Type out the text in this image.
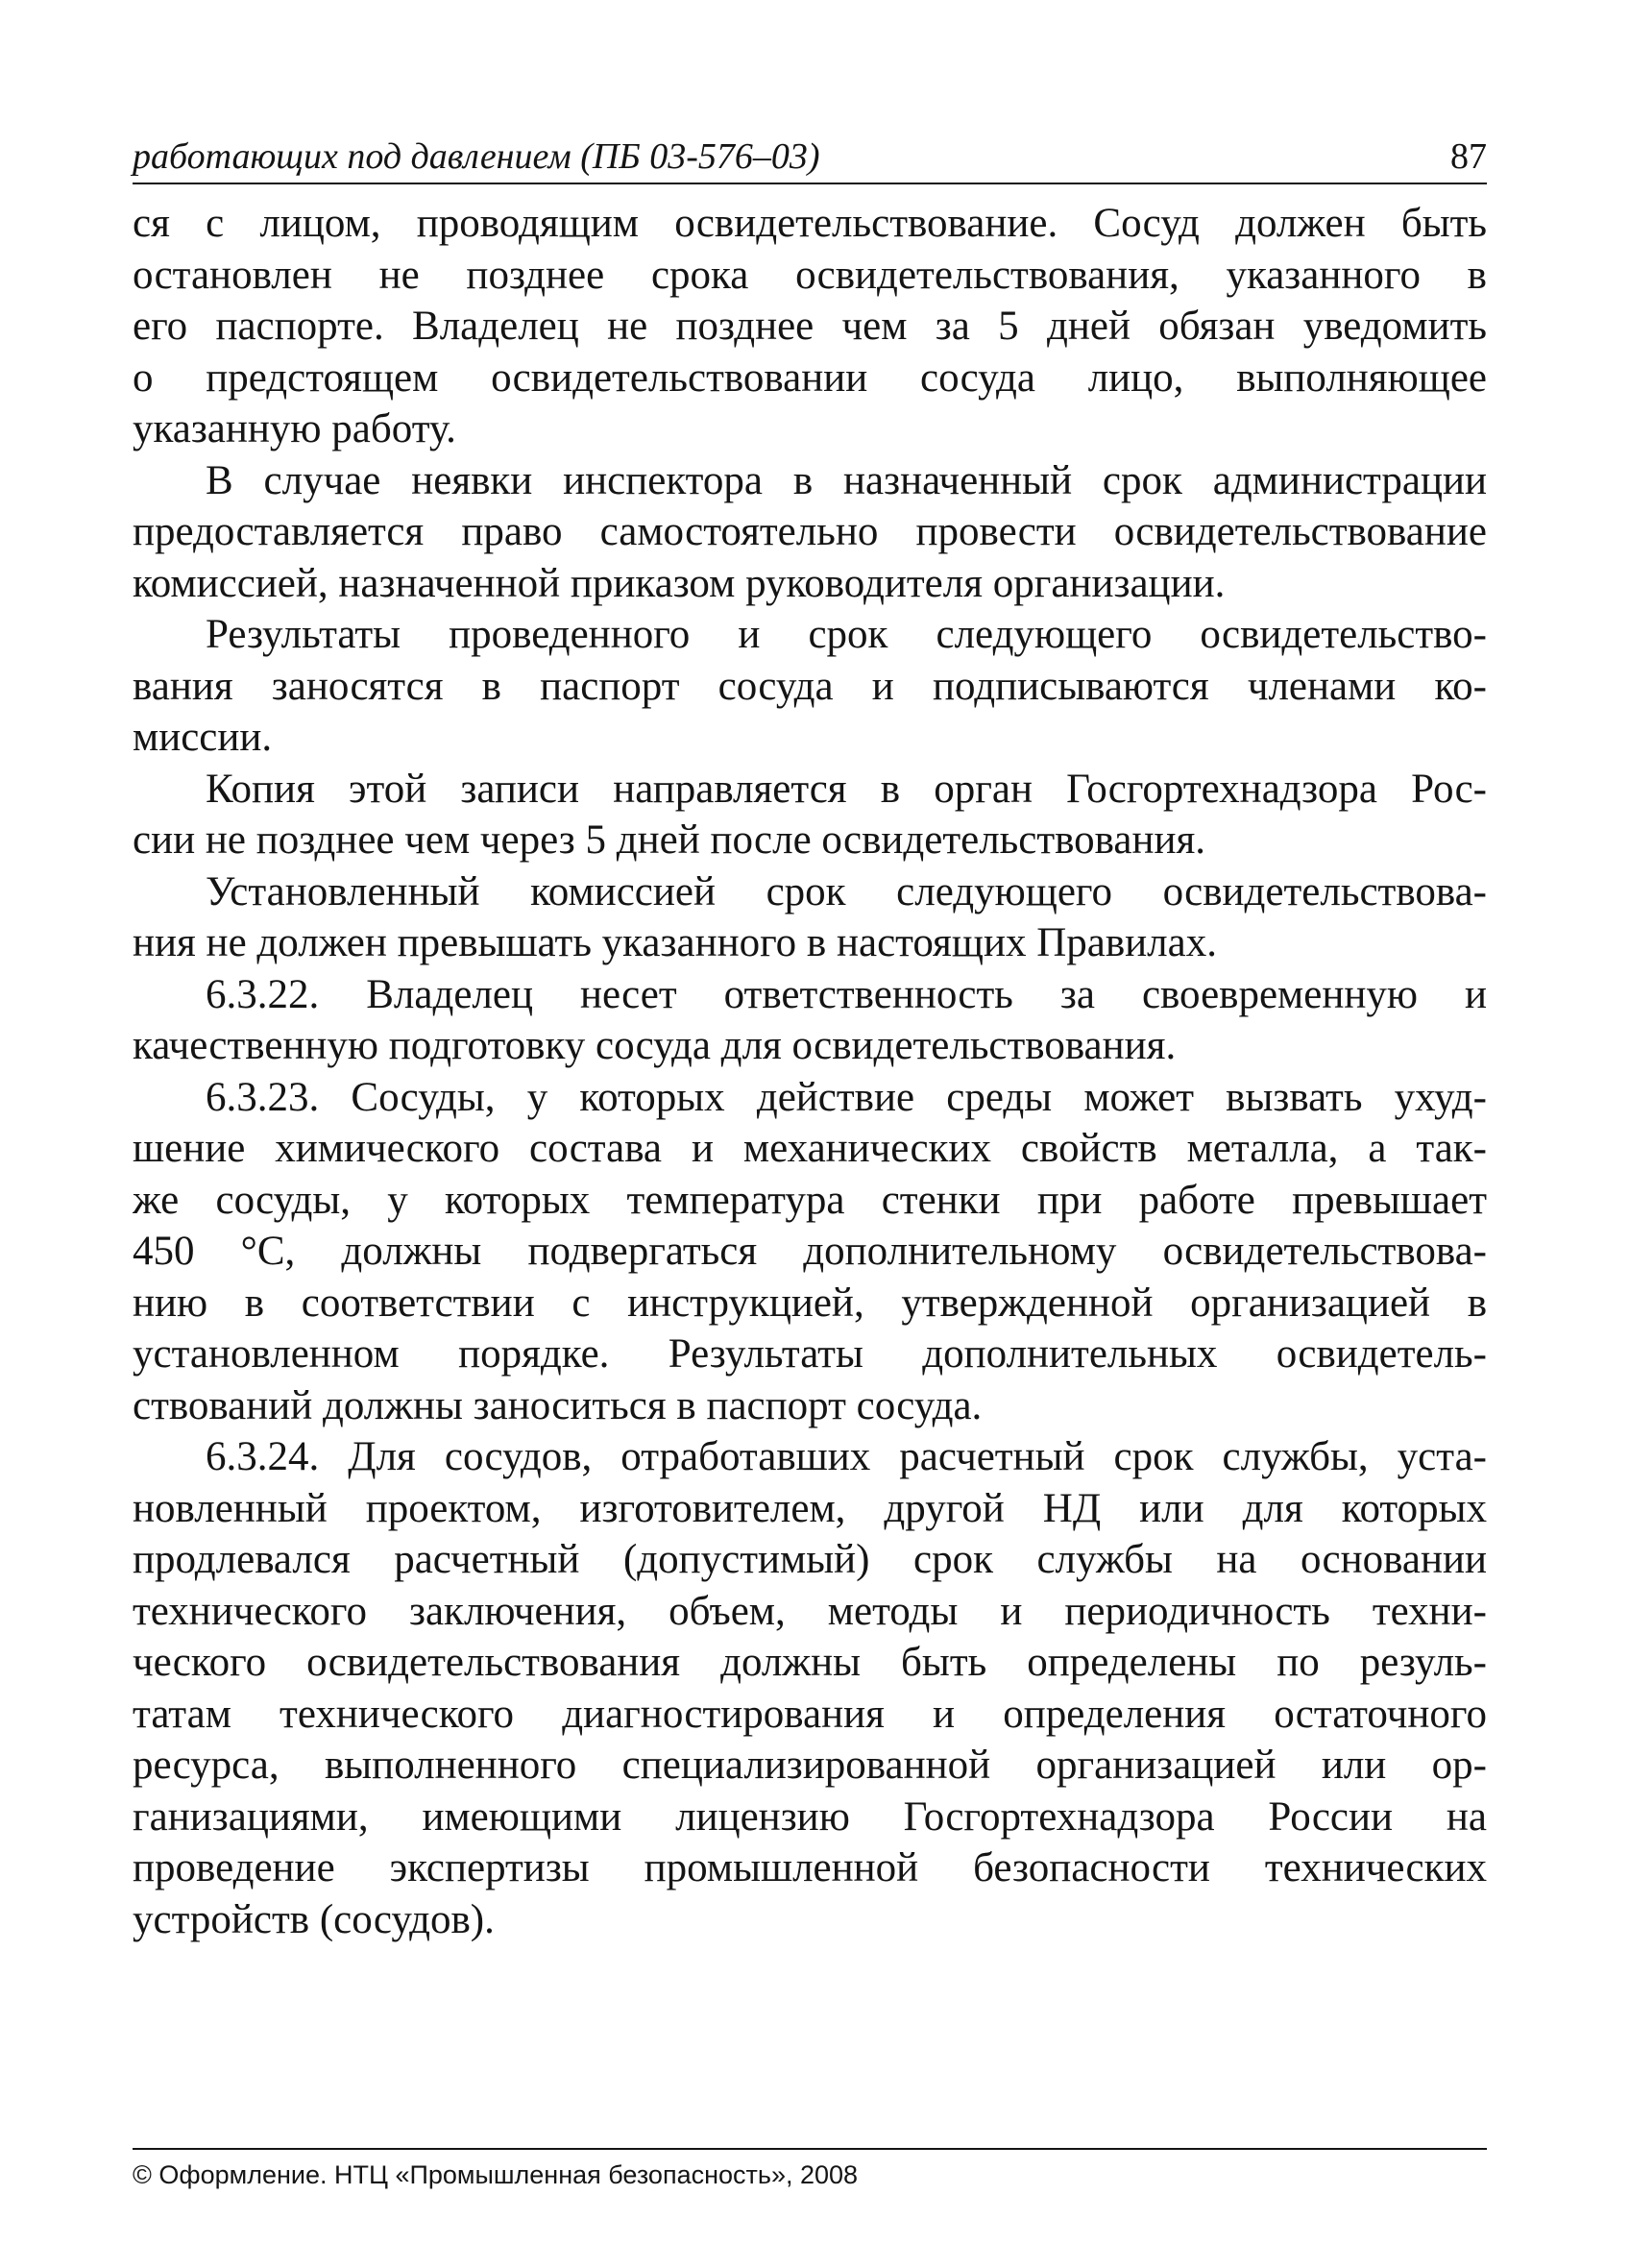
работающих под давлением (ПБ 03-576–03)	87
ся с лицом, проводящим освидетельствование. Сосуд должен быть
остановлен не позднее срока освидетельствования, указанного в
его паспорте. Владелец не позднее чем за 5 дней обязан уведомить
о предстоящем освидетельствовании сосуда лицо, выполняющее
указанную работу.
В случае неявки инспектора в назначенный срок администрации
предоставляется право самостоятельно провести освидетельствование
комиссией, назначенной приказом руководителя организации.
Результаты проведенного и срок следующего освидетельство-
вания заносятся в паспорт сосуда и подписываются членами ко-
миссии.
Копия этой записи направляется в орган Госгортехнадзора Рос-
сии не позднее чем через 5 дней после освидетельствования.
Установленный комиссией срок следующего освидетельствова-
ния не должен превышать указанного в настоящих Правилах.
6.3.22. Владелец несет ответственность за своевременную и
качественную подготовку сосуда для освидетельствования.
6.3.23. Сосуды, у которых действие среды может вызвать ухуд-
шение химического состава и механических свойств металла, а так-
же сосуды, у которых температура стенки при работе превышает
450 °С, должны подвергаться дополнительному освидетельствова-
нию в соответствии с инструкцией, утвержденной организацией в
установленном порядке. Результаты дополнительных освидетель-
ствований должны заноситься в паспорт сосуда.
6.3.24. Для сосудов, отработавших расчетный срок службы, уста-
новленный проектом, изготовителем, другой НД или для которых
продлевался расчетный (допустимый) срок службы на основании
технического заключения, объем, методы и периодичность техни-
ческого освидетельствования должны быть определены по резуль-
татам технического диагностирования и определения остаточного
ресурса, выполненного специализированной организацией или ор-
ганизациями, имеющими лицензию Госгортехнадзора России на
проведение экспертизы промышленной безопасности технических
устройств (сосудов).
© Оформление. НТЦ «Промышленная безопасность», 2008
